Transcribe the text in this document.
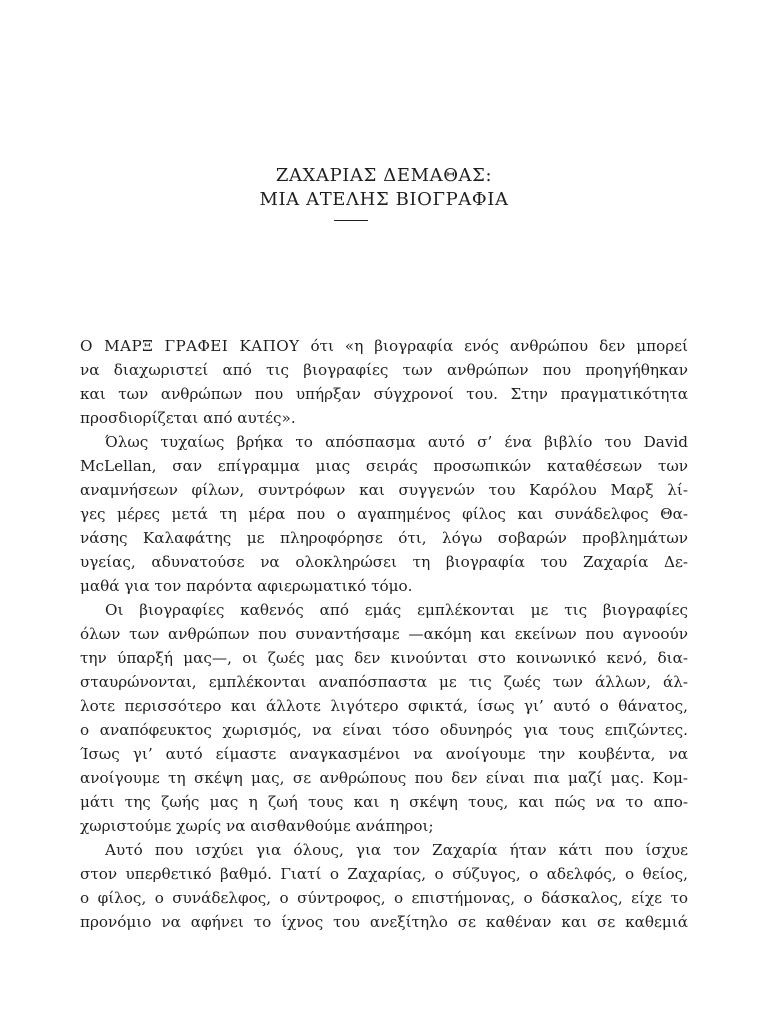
ΖΑΧΑΡΙΑΣ ΔΕΜΑΘΑΣ:
ΜΙΑ ΑΤΕΛΗΣ ΒΙΟΓΡΑΦΙΑ
Ο ΜΑΡΞ ΓΡΑΦΕΙ ΚΑΠΟΥ ότι «η βιογραφία ενός ανθρώπου δεν μπορεί
να διαχωριστεί από τις βιογραφίες των ανθρώπων που προηγήθηκαν
και των ανθρώπων που υπήρξαν σύγχρονοί του. Στην πραγματικότητα
προσδιορίζεται από αυτές».
Όλως τυχαίως βρήκα το απόσπασμα αυτό σ’ ένα βιβλίο του David
McLellan, σαν επίγραμμα μιας σειράς προσωπικών καταθέσεων των
αναμνήσεων φίλων, συντρόφων και συγγενών του Καρόλου Μαρξ λί-
γες μέρες μετά τη μέρα που ο αγαπημένος φίλος και συνάδελφος Θα-
νάσης Καλαφάτης με πληροφόρησε ότι, λόγω σοβαρών προβλημάτων
υγείας, αδυνατούσε να ολοκληρώσει τη βιογραφία του Ζαχαρία Δε-
μαθά για τον παρόντα αφιερωματικό τόμο.
Οι βιογραφίες καθενός από εμάς εμπλέκονται με τις βιογραφίες
όλων των ανθρώπων που συναντήσαμε —ακόμη και εκείνων που αγνοούν
την ύπαρξή μας—, οι ζωές μας δεν κινούνται στο κοινωνικό κενό, δια-
σταυρώνονται, εμπλέκονται αναπόσπαστα με τις ζωές των άλλων, άλ-
λοτε περισσότερο και άλλοτε λιγότερο σφικτά, ίσως γι’ αυτό ο θάνατος,
ο αναπόφευκτος χωρισμός, να είναι τόσο οδυνηρός για τους επιζώντες.
Ίσως γι’ αυτό είμαστε αναγκασμένοι να ανοίγουμε την κουβέντα, να
ανοίγουμε τη σκέψη μας, σε ανθρώπους που δεν είναι πια μαζί μας. Κομ-
μάτι της ζωής μας η ζωή τους και η σκέψη τους, και πώς να το απο-
χωριστούμε χωρίς να αισθανθούμε ανάπηροι;
Αυτό που ισχύει για όλους, για τον Ζαχαρία ήταν κάτι που ίσχυε
στον υπερθετικό βαθμό. Γιατί ο Ζαχαρίας, ο σύζυγος, ο αδελφός, ο θείος,
ο φίλος, ο συνάδελφος, ο σύντροφος, ο επιστήμονας, ο δάσκαλος, είχε το
προνόμιο να αφήνει το ίχνος του ανεξίτηλο σε καθέναν και σε καθεμιά
